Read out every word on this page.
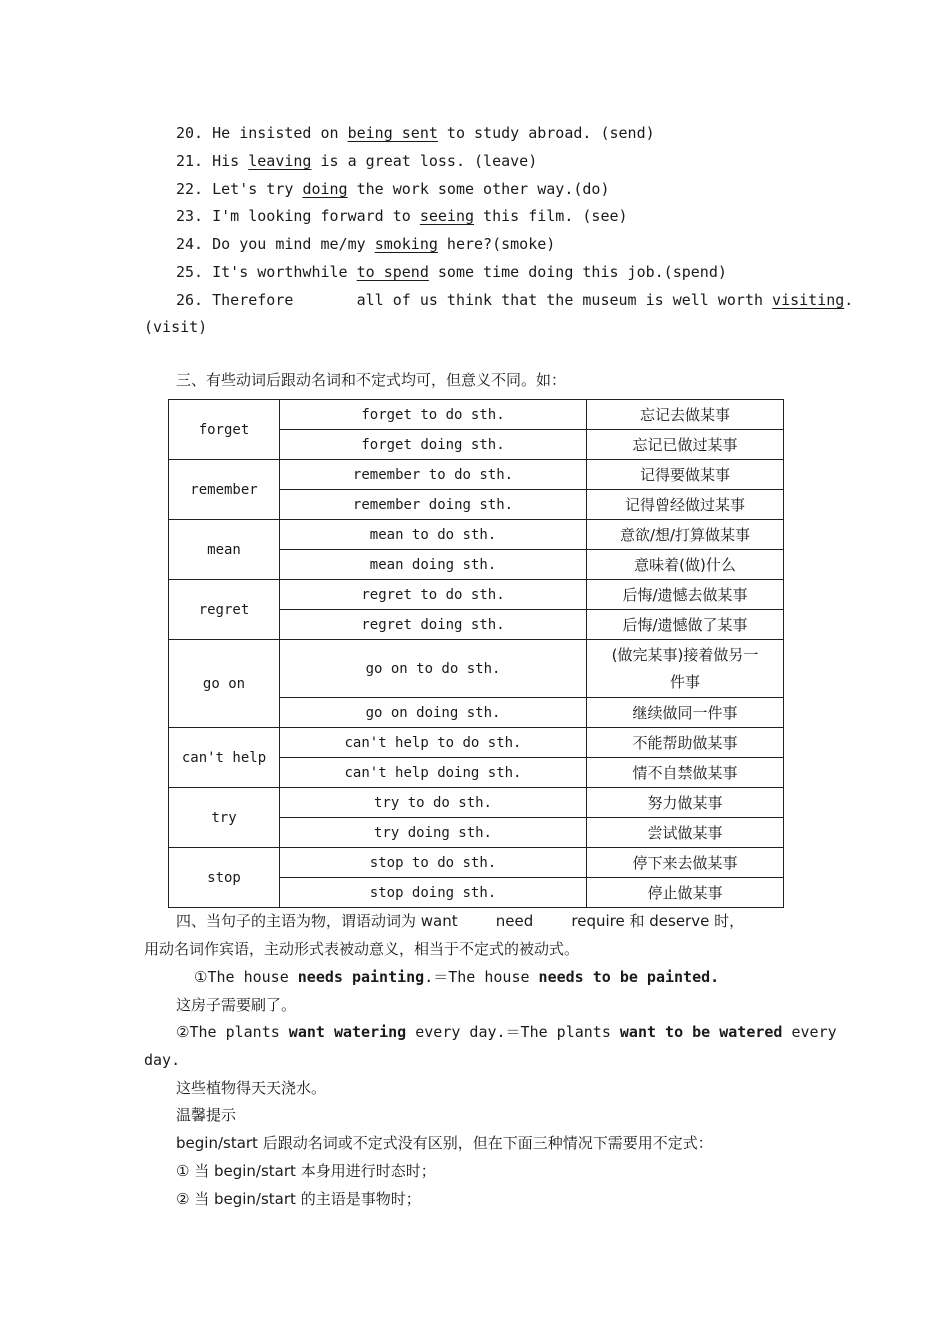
20. He insisted on being sent to study abroad. (send)
21. His leaving is a great loss. (leave)
22. Let's try doing the work some other way.(do)
23. I'm looking forward to seeing this film. (see)
24. Do you mind me/my smoking here?(smoke)
25. It's worthwhile to spend some time doing this job.(spend)
26. Therefore       all of us think that the museum is well worth visiting.
(visit)
三、有些动词后跟动名词和不定式均可，但意义不同。如：
forget	forget to do sth.	忘记去做某事
	forget doing sth.	忘记已做过某事
remember	remember to do sth.	记得要做某事
	remember doing sth.	记得曾经做过某事
mean	mean to do sth.	意欲/想/打算做某事
	mean doing sth.	意味着(做)什么
regret	regret to do sth.	后悔/遗憾去做某事
	regret doing sth.	后悔/遗憾做了某事
go on	go on to do sth.	(做完某事)接着做另一件事
	go on doing sth.	继续做同一件事
can't help	can't help to do sth.	不能帮助做某事
	can't help doing sth.	情不自禁做某事
try	try to do sth.	努力做某事
	try doing sth.	尝试做某事
stop	stop to do sth.	停下来去做某事
	stop doing sth.	停止做某事
四、当句子的主语为物，谓语动词为 want        need        require 和 deserve 时，
用动名词作宾语，主动形式表被动意义，相当于不定式的被动式。
①The house needs painting.＝The house needs to be painted.
这房子需要刷了。
②The plants want watering every day.＝The plants want to be watered every
day.
这些植物得天天浇水。
温馨提示
begin/start 后跟动名词或不定式没有区别，但在下面三种情况下需要用不定式：
① 当 begin/start 本身用进行时态时；
② 当 begin/start 的主语是事物时；
